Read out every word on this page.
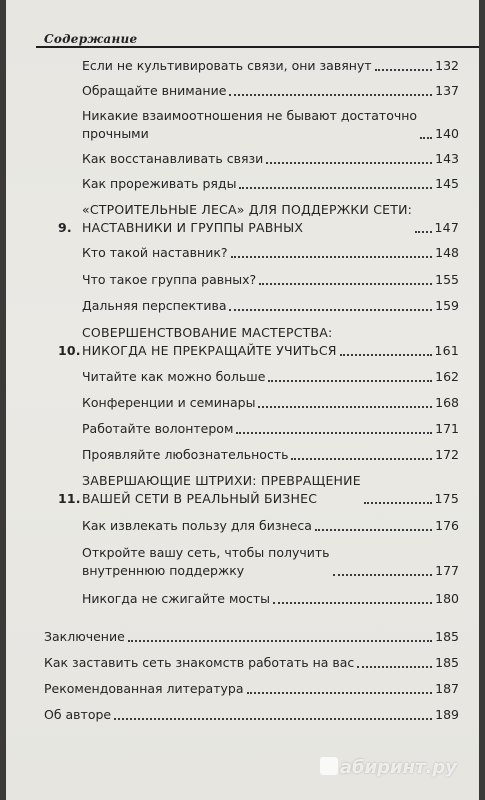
Содержание
Если не культивировать связи, они завянут	132
Обращайте внимание	137
Никакие взаимоотношения не бывают достаточно
прочными	140
Как восстанавливать связи	143
Как прореживать ряды	145
9.
«СТРОИТЕЛЬНЫЕ ЛЕСА» ДЛЯ ПОДДЕРЖКИ СЕТИ:
НАСТАВНИКИ И ГРУППЫ РАВНЫХ	147
Кто такой наставник?	148
Что такое группа равных?	155
Дальняя перспектива	159
10.
СОВЕРШЕНСТВОВАНИЕ МАСТЕРСТВА:
НИКОГДА НЕ ПРЕКРАЩАЙТЕ УЧИТЬСЯ	161
Читайте как можно больше	162
Конференции и семинары	168
Работайте волонтером	171
Проявляйте любознательность	172
11.
ЗАВЕРШАЮЩИЕ ШТРИХИ: ПРЕВРАЩЕНИЕ
ВАШЕЙ СЕТИ В РЕАЛЬНЫЙ БИЗНЕС	175
Как извлекать пользу для бизнеса	176
Откройте вашу сеть, чтобы получить
внутреннюю поддержку	177
Никогда не сжигайте мосты	180
Заключение	185
Как заставить сеть знакомств работать на вас	185
Рекомендованная литература	187
Об авторе	189
абиринт.ру
